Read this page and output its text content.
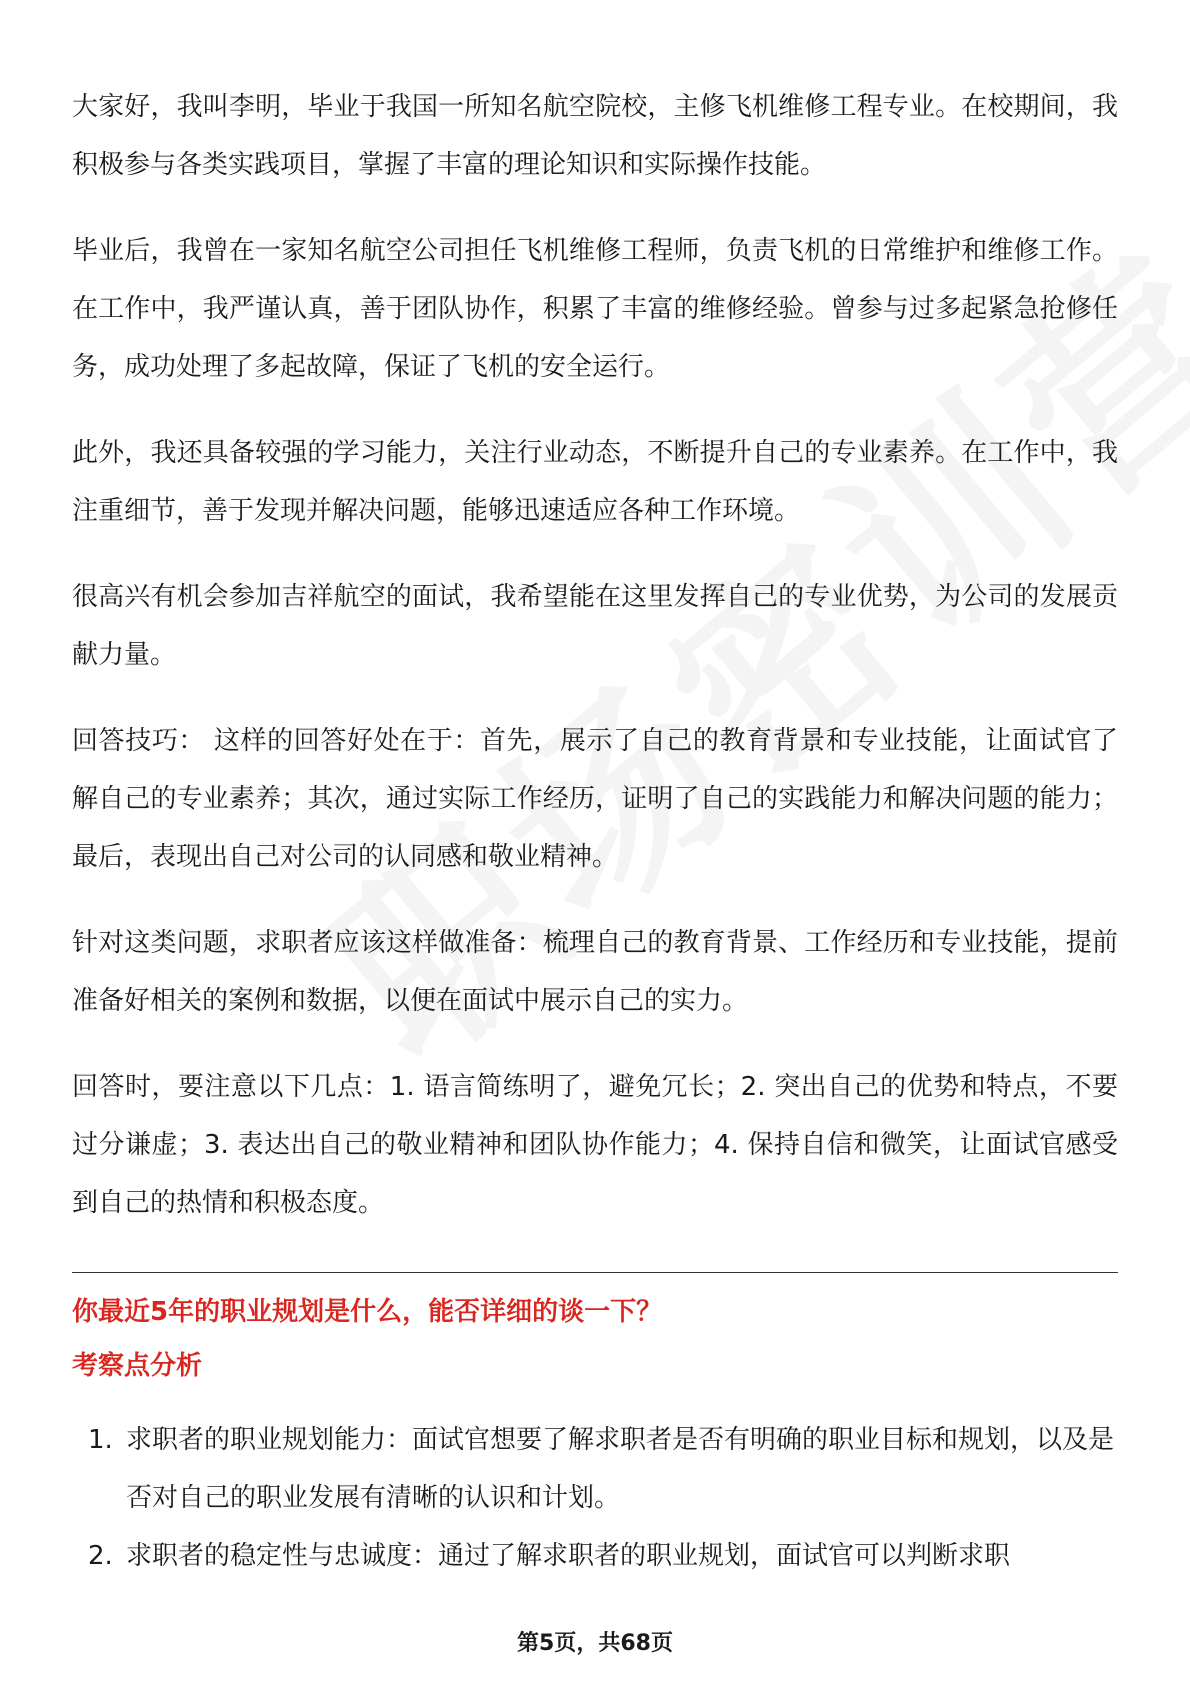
大家好，我叫李明，毕业于我国一所知名航空院校，主修飞机维修工程专业。在校期间，我积极参与各类实践项目，掌握了丰富的理论知识和实际操作技能。

毕业后，我曾在一家知名航空公司担任飞机维修工程师，负责飞机的日常维护和维修工作。在工作中，我严谨认真，善于团队协作，积累了丰富的维修经验。曾参与过多起紧急抢修任务，成功处理了多起故障，保证了飞机的安全运行。

此外，我还具备较强的学习能力，关注行业动态，不断提升自己的专业素养。在工作中，我注重细节，善于发现并解决问题，能够迅速适应各种工作环境。

很高兴有机会参加吉祥航空的面试，我希望能在这里发挥自己的专业优势，为公司的发展贡献力量。

回答技巧： 这样的回答好处在于：首先，展示了自己的教育背景和专业技能，让面试官了解自己的专业素养；其次，通过实际工作经历，证明了自己的实践能力和解决问题的能力；最后，表现出自己对公司的认同感和敬业精神。

针对这类问题，求职者应该这样做准备：梳理自己的教育背景、工作经历和专业技能，提前准备好相关的案例和数据，以便在面试中展示自己的实力。

回答时，要注意以下几点：1. 语言简练明了，避免冗长；2. 突出自己的优势和特点，不要过分谦虚；3. 表达出自己的敬业精神和团队协作能力；4. 保持自信和微笑，让面试官感受到自己的热情和积极态度。

你最近5年的职业规划是什么，能否详细的谈一下？

考察点分析

1. 求职者的职业规划能力：面试官想要了解求职者是否有明确的职业目标和规划，以及是否对自己的职业发展有清晰的认识和计划。
2. 求职者的稳定性与忠诚度：通过了解求职者的职业规划，面试官可以判断求职
第5页，共68页
